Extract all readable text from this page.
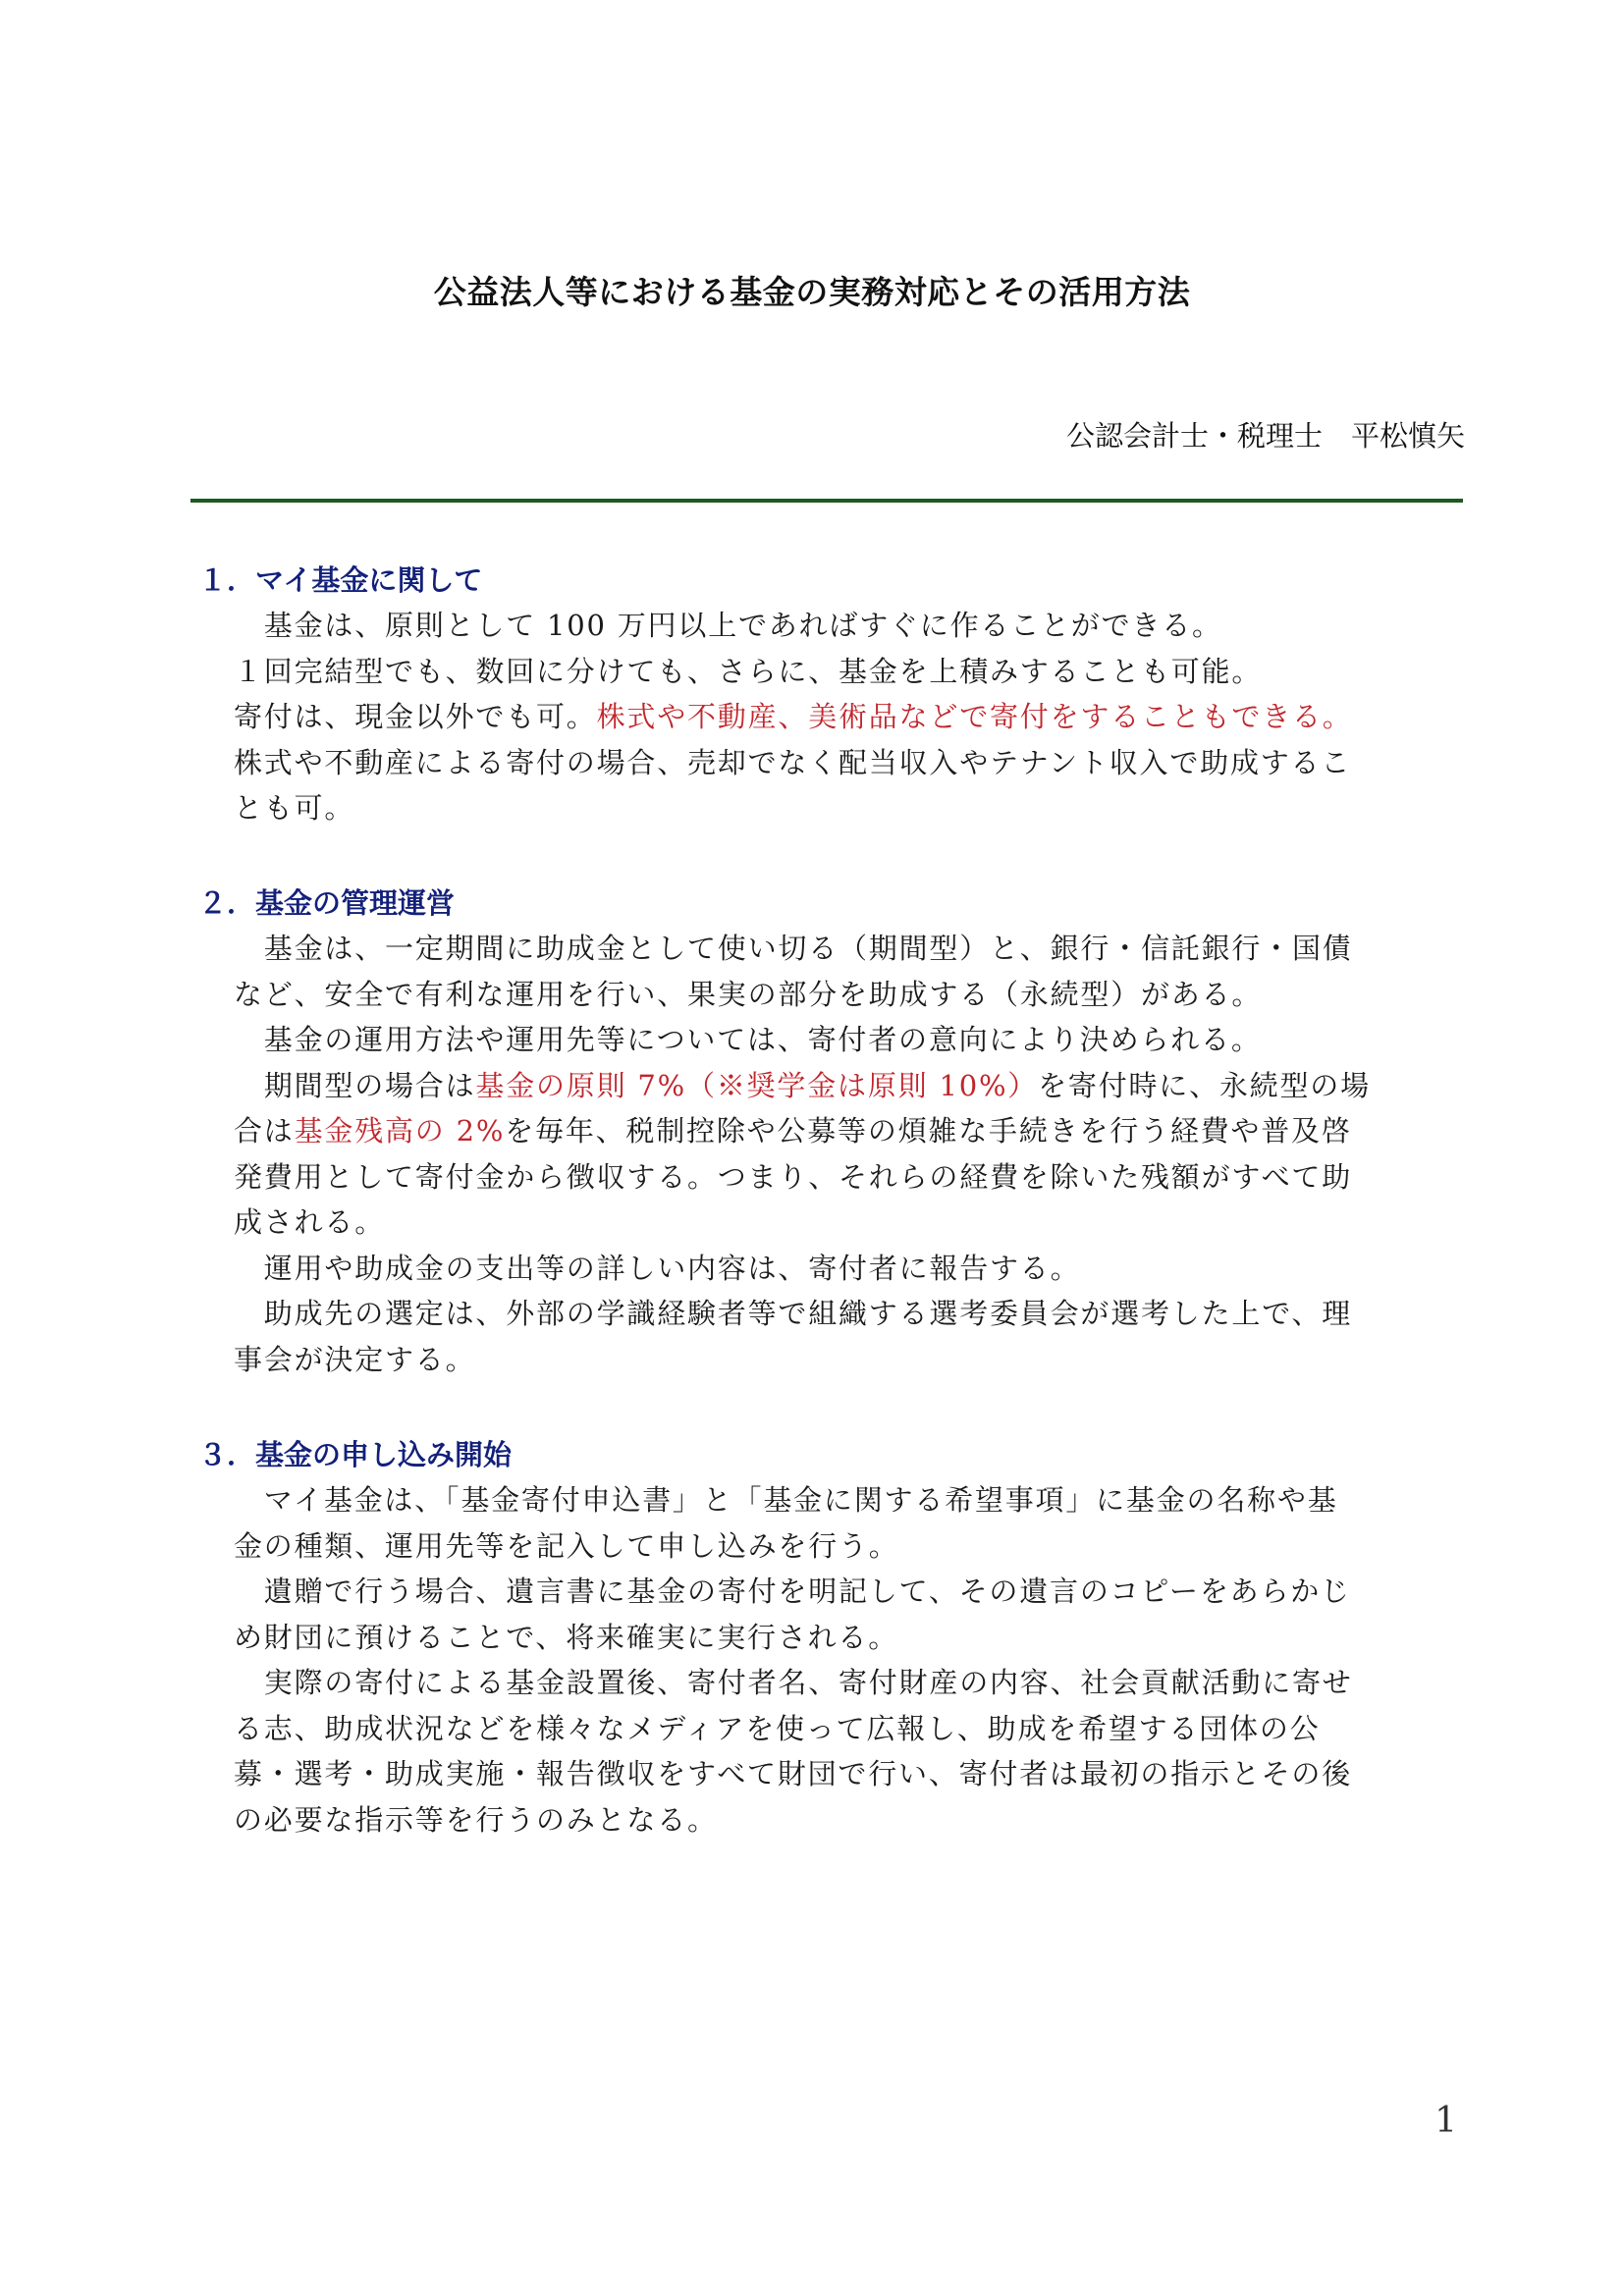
公益法人等における基金の実務対応とその活用方法
公認会計士・税理士　平松慎矢
１．マイ基金に関して
　基金は、原則として 100 万円以上であればすぐに作ることができる。
１回完結型でも、数回に分けても、さらに、基金を上積みすることも可能。
寄付は、現金以外でも可。株式や不動産、美術品などで寄付をすることもできる。
株式や不動産による寄付の場合、売却でなく配当収入やテナント収入で助成するこ
とも可。
２．基金の管理運営
　基金は、一定期間に助成金として使い切る（期間型）と、銀行・信託銀行・国債
など、安全で有利な運用を行い、果実の部分を助成する（永続型）がある。
　基金の運用方法や運用先等については、寄付者の意向により決められる。
　期間型の場合は基金の原則 7%（※奨学金は原則 10%）を寄付時に、永続型の場
合は基金残高の 2%を毎年、税制控除や公募等の煩雑な手続きを行う経費や普及啓
発費用として寄付金から徴収する。つまり、それらの経費を除いた残額がすべて助
成される。
　運用や助成金の支出等の詳しい内容は、寄付者に報告する。
　助成先の選定は、外部の学識経験者等で組織する選考委員会が選考した上で、理
事会が決定する。
３．基金の申し込み開始
　マイ基金は、「基金寄付申込書」と「基金に関する希望事項」に基金の名称や基
金の種類、運用先等を記入して申し込みを行う。
　遺贈で行う場合、遺言書に基金の寄付を明記して、その遺言のコピーをあらかじ
め財団に預けることで、将来確実に実行される。
　実際の寄付による基金設置後、寄付者名、寄付財産の内容、社会貢献活動に寄せ
る志、助成状況などを様々なメディアを使って広報し、助成を希望する団体の公
募・選考・助成実施・報告徴収をすべて財団で行い、寄付者は最初の指示とその後
の必要な指示等を行うのみとなる。
1
